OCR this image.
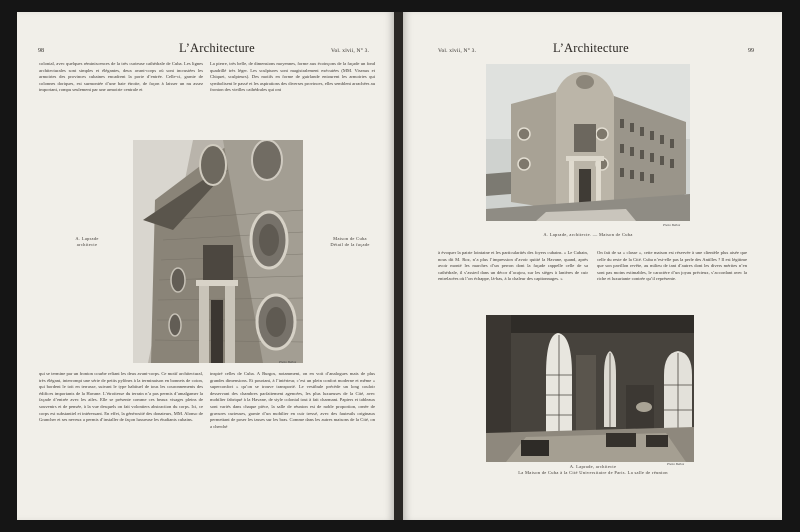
98	L’Architecture	Vol. xlvii, N° 3.

colonial, avec quelques réminiscences de la très curieuse cathédrale de Cuba. Les lignes architecturales sont simples et élégantes, deux avant-corps où sont incrustées les armoiries des provinces cubaines encadrent la porte d’entrée. Celle-ci, garnie de colonnes doriques, est surmontée d’une baie étroite, de façon à laisser un nu assez important, rompu seulement par une armoirie centrale et

La pierre, très belle, de dimensions moyennes, forme aux écoinçons de la façade un fond quadrillé très léger. Les sculptures sont magistralement exécutées (MM. Viseaux et Chiquet, sculpteurs). Des motifs en forme de guirlande entourent les armoiries qui symbolisent le passé et les aspirations des diverses provinces, elles semblent arrachées au fronton des vieilles cathédrales qui ont

Photo Bulloz
A. Laprade
architecte
Maison de Cuba
Détail de la façade

qui se termine par un fronton courbe reliant les deux avant-corps. Ce motif architectural, très élégant, interrompt une série de petits pylônes à la terminaison en bonnets de coton, qui bordent le toit en terrasse, suivant le type habituel de tous les couronnements des édifices importants de la Havane. L’étroitesse du terrain n’a pas permis d’amalgamer la façade d’entrée avec les ailes. Elle se présente comme ces beaux visages pleins de souvenirs et de pensée, à la vue desquels on fait volontiers abstraction du corps. Ici, ce corps est substantiel et intéressant. En effet, la générosité des donateurs, MM. Alonso de Grancher et ses neveux a permis d’installer de façon luxueuse les étudiants cubains.

inspiré celles de Cuba. A Burgos, notamment, on en voit d’analogues mais de plus grandes dimensions. Et pourtant, à l’intérieur, c’est un plein confort moderne et même « superconfort » qu’on se trouve transporté. Le vestibule précède un long couloir desservant des chambres parfaitement agencées, les plus luxueuses de la Cité, avec mobilier fabriqué à la Havane, de style colonial tout à fait charmant. Papiers et tableaux sont variés dans chaque pièce, la salle de réunion est de noble proportion, ornée de gravures curieuses, garnie d’un mobilier en cuir tressé, avec des fauteuils originaux permettant de poser les tasses sur les bras. Comme dans les autres maisons de la Cité, on a cherché

Vol. xlvii, N° 3.	L’Architecture	99
Photo Bulloz
A. Laprade, architecte. — Maison de Cuba

à évoquer la patrie lointaine et les particularités des foyers cubains. « Le Cubain, nous dit M. Roz, n’a plus l’impression d’avoir quitté la Havane, quand, après avoir monté les marches d’un perron dont la façade rappelle celle de sa cathédrale, il s’assied dans un décor d’acajou, sur les sièges à lanières de cuir entrelacées où l’on échappe, là-bas, à la chaleur des capitonnages. »

On fait de sa « classe », cette maison est réservée à une clientèle plus aisée que celle du reste de la Cité. Cuba n’est-elle pas la perle des Antilles ? Il est légitime que son pavillon revête, au milieu de tant d’autres dont les divers mérites n’en sont pas moins estimables, le caractère d’un joyau précieux, s’accordant avec la riche et luxuriante contrée qu’il représente.

Photo Bulloz
A. Laprade, architecte
La Maison de Cuba à la Cité Universitaire de Paris. La salle de réunion
